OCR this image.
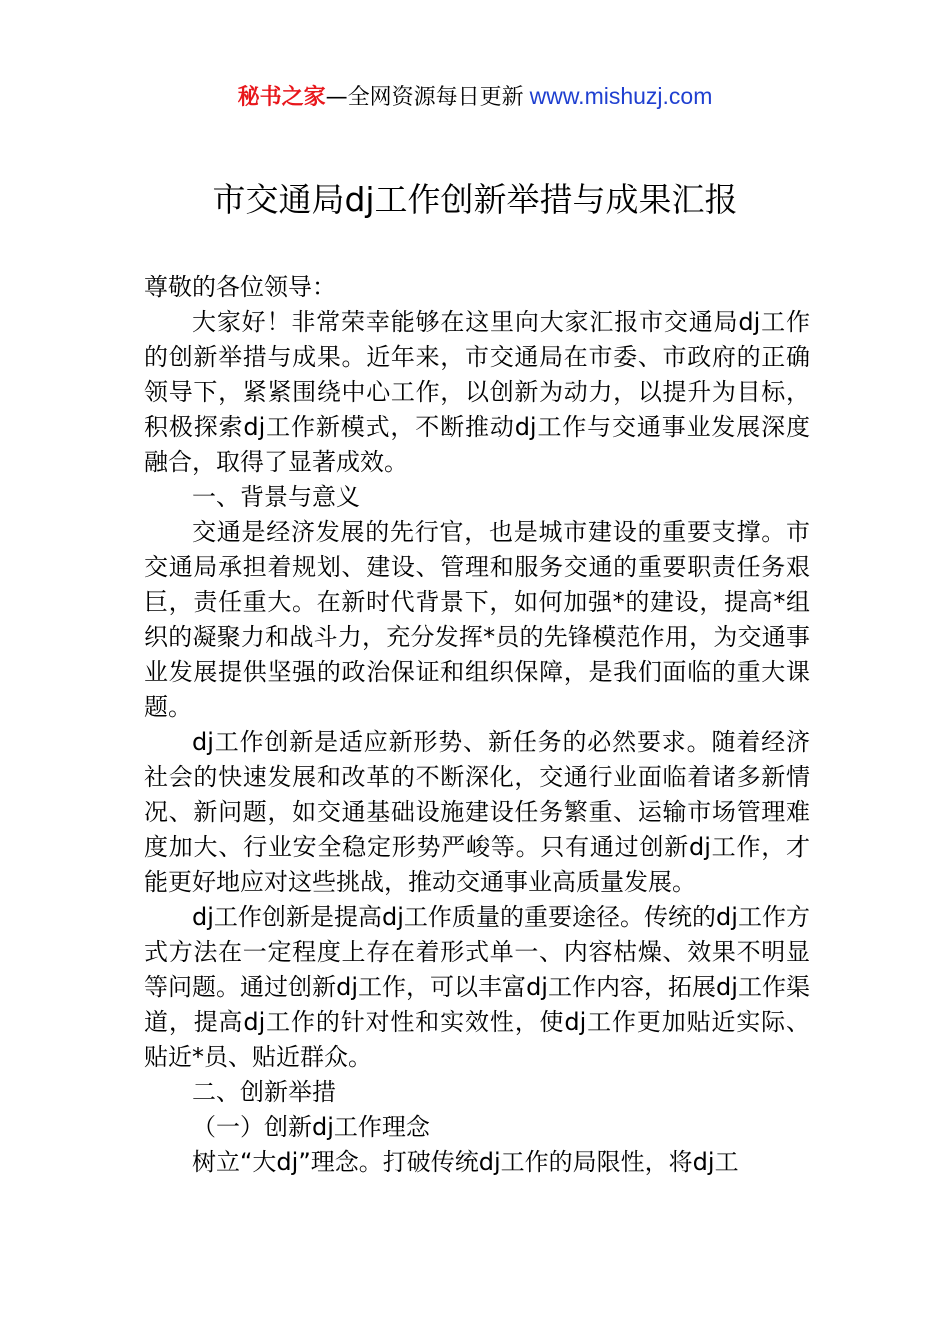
秘书之家—全网资源每日更新 www.mishuzj.com
市交通局dj工作创新举措与成果汇报

尊敬的各位领导：

大家好！非常荣幸能够在这里向大家汇报市交通局dj工作的创新举措与成果。近年来，市交通局在市委、市政府的正确领导下，紧紧围绕中心工作，以创新为动力，以提升为目标，积极探索dj工作新模式，不断推动dj工作与交通事业发展深度融合，取得了显著成效。

一、背景与意义

交通是经济发展的先行官，也是城市建设的重要支撑。市交通局承担着规划、建设、管理和服务交通的重要职责任务艰巨，责任重大。在新时代背景下，如何加强*的建设，提高*组织的凝聚力和战斗力，充分发挥*员的先锋模范作用，为交通事业发展提供坚强的政治保证和组织保障，是我们面临的重大课题。

dj工作创新是适应新形势、新任务的必然要求。随着经济社会的快速发展和改革的不断深化，交通行业面临着诸多新情况、新问题，如交通基础设施建设任务繁重、运输市场管理难度加大、行业安全稳定形势严峻等。只有通过创新dj工作，才能更好地应对这些挑战，推动交通事业高质量发展。

dj工作创新是提高dj工作质量的重要途径。传统的dj工作方式方法在一定程度上存在着形式单一、内容枯燥、效果不明显等问题。通过创新dj工作，可以丰富dj工作内容，拓展dj工作渠道，提高dj工作的针对性和实效性，使dj工作更加贴近实际、贴近*员、贴近群众。

二、创新举措

（一）创新dj工作理念

树立“大dj”理念。打破传统dj工作的局限性，将dj工
